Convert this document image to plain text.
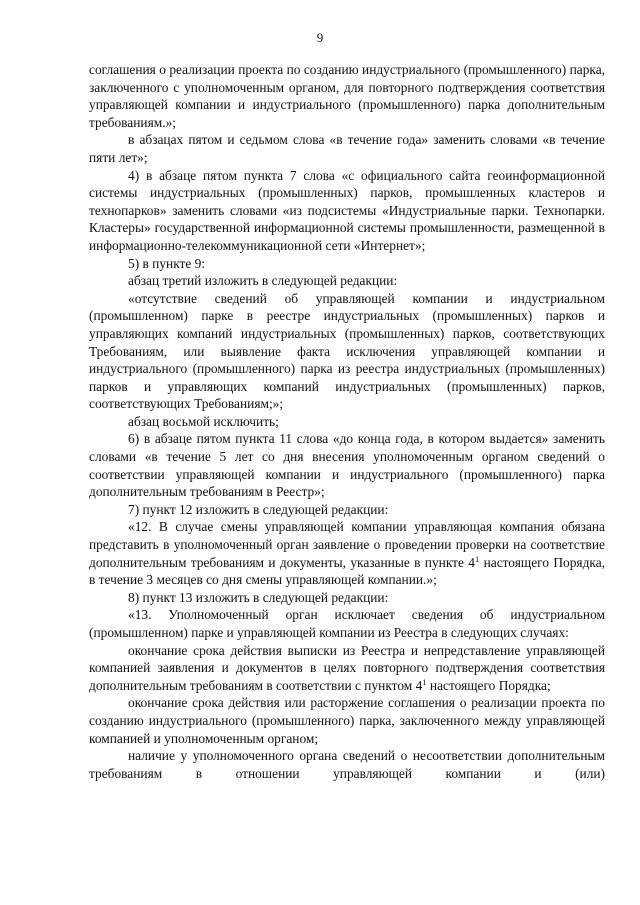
9

соглашения о реализации проекта по созданию индустриального (промышленного) парка, заключенного с уполномоченным органом, для повторного подтверждения соответствия управляющей компании и индустриального (промышленного) парка дополнительным требованиям.»;

в абзацах пятом и седьмом слова «в течение года» заменить словами «в течение пяти лет»;

4) в абзаце пятом пункта 7 слова «с официального сайта геоинформационной системы индустриальных (промышленных) парков, промышленных кластеров и технопарков» заменить словами «из подсистемы «Индустриальные парки. Технопарки. Кластеры» государственной информационной системы промышленности, размещенной в информационно-телекоммуникационной сети «Интернет»;

5) в пункте 9:

абзац третий изложить в следующей редакции:

«отсутствие сведений об управляющей компании и индустриальном (промышленном) парке в реестре индустриальных (промышленных) парков и управляющих компаний индустриальных (промышленных) парков, соответствующих Требованиям, или выявление факта исключения управляющей компании и индустриального (промышленного) парка из реестра индустриальных (промышленных) парков и управляющих компаний индустриальных (промышленных) парков, соответствующих Требованиям;»;

абзац восьмой исключить;

6) в абзаце пятом пункта 11 слова «до конца года, в котором выдается» заменить словами «в течение 5 лет со дня внесения уполномоченным органом сведений о соответствии управляющей компании и индустриального (промышленного) парка дополнительным требованиям в Реестр»;

7) пункт 12 изложить в следующей редакции:

«12. В случае смены управляющей компании управляющая компания обязана представить в уполномоченный орган заявление о проведении проверки на соответствие дополнительным требованиям и документы, указанные в пункте $4^1$ настоящего Порядка, в течение 3 месяцев со дня смены управляющей компании.»;

8) пункт 13 изложить в следующей редакции:

«13. Уполномоченный орган исключает сведения об индустриальном (промышленном) парке и управляющей компании из Реестра в следующих случаях:

окончание срока действия выписки из Реестра и непредставление управляющей компанией заявления и документов в целях повторного подтверждения соответствия дополнительным требованиям в соответствии с пунктом $4^1$ настоящего Порядка;

окончание срока действия или расторжение соглашения о реализации проекта по созданию индустриального (промышленного) парка, заключенного между управляющей компанией и уполномоченным органом;

наличие у уполномоченного органа сведений о несоответствии дополнительным требованиям в отношении управляющей компании и (или)
